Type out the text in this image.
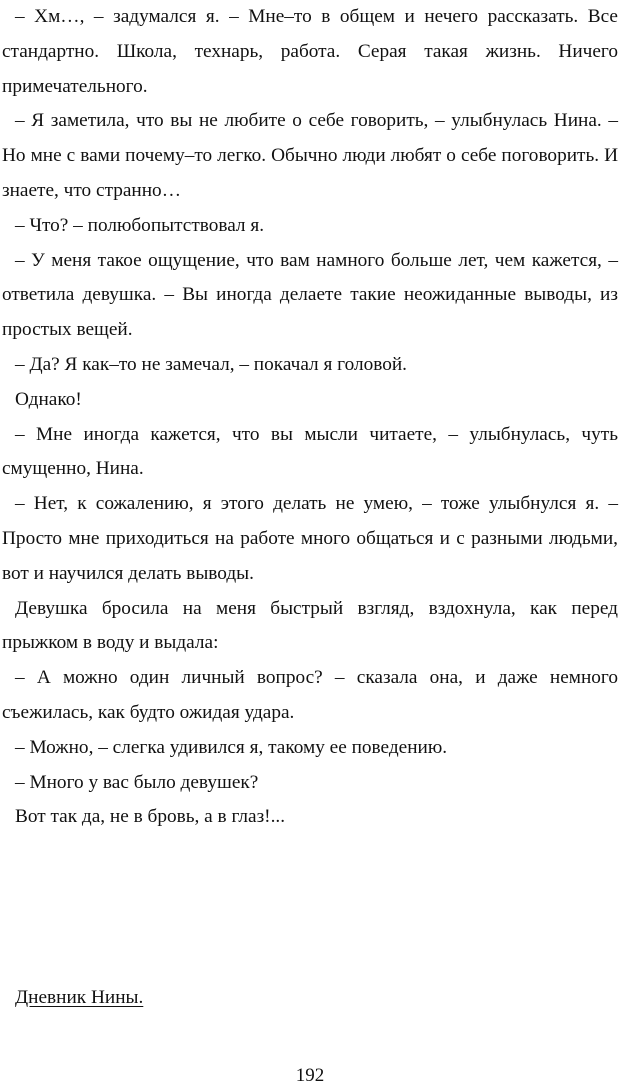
– Хм…, – задумался я. – Мне–то в общем и нечего рассказать. Все стандартно. Школа, технарь, работа. Серая такая жизнь. Ничего примечательного.

– Я заметила, что вы не любите о себе говорить, – улыбнулась Нина. – Но мне с вами почему–то легко. Обычно люди любят о себе поговорить. И знаете, что странно…

– Что? – полюбопытствовал я.

– У меня такое ощущение, что вам намного больше лет, чем кажется, – ответила девушка. – Вы иногда делаете такие неожиданные выводы, из простых вещей.

– Да? Я как–то не замечал, – покачал я головой.

Однако!

– Мне иногда кажется, что вы мысли читаете, – улыбнулась, чуть смущенно, Нина.

– Нет, к сожалению, я этого делать не умею, – тоже улыбнулся я. – Просто мне приходиться на работе много общаться и с разными людьми, вот и научился делать выводы.

Девушка бросила на меня быстрый взгляд, вздохнула, как перед прыжком в воду и выдала:

– А можно один личный вопрос? – сказала она, и даже немного съежилась, как будто ожидая удара.

– Можно, – слегка удивился я, такому ее поведению.

– Много у вас было девушек?

Вот так да, не в бровь, а в глаз!...

Дневник Нины.
192
